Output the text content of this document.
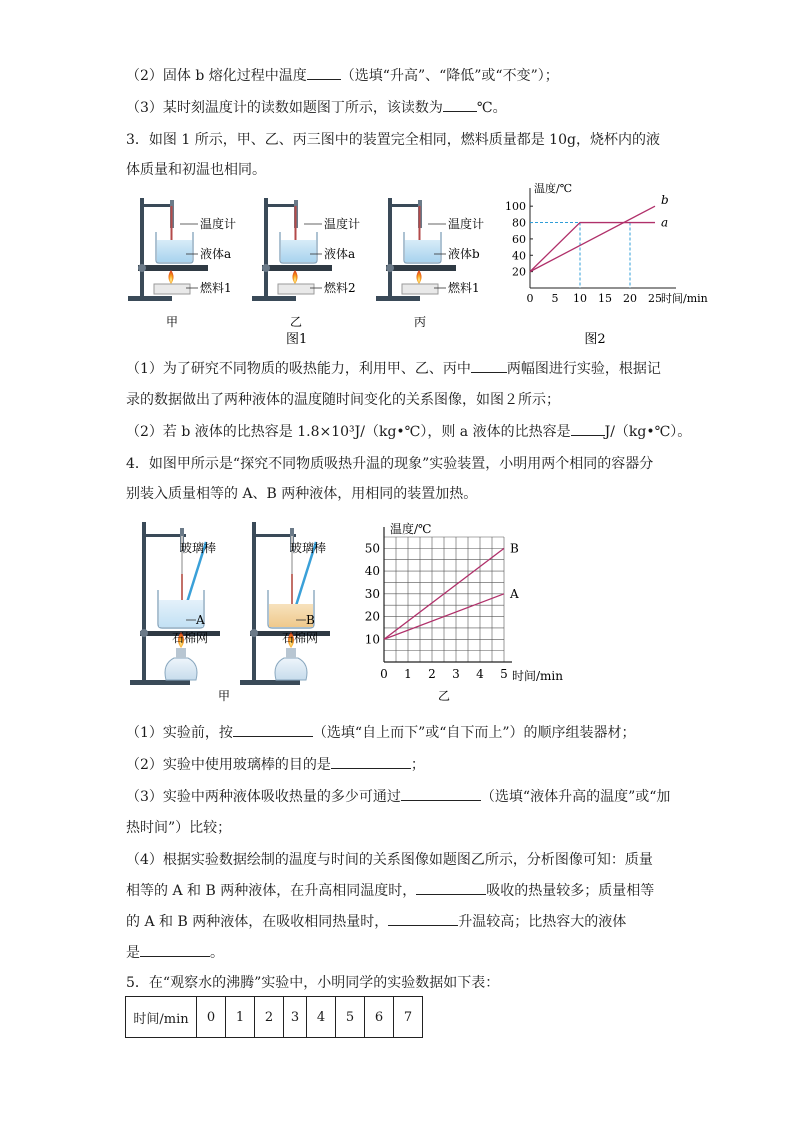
（2）固体 b 熔化过程中温度 （选填“升高”、“降低”或“不变”）；
（3）某时刻温度计的读数如题图丁所示，该读数为 ℃。
3．如图 1 所示，甲、乙、丙三图中的装置完全相同，燃料质量都是 10g，烧杯内的液
体质量和初温也相同。
温度计
液体a
燃料1
甲
温度计
液体a
燃料2
乙
温度计
液体b
燃料1
丙
图1
温度/℃
时间/min
0 5 10 15 20 25
20
40
60
80
100
a
b
图2
（1）为了研究不同物质的吸热能力，利用甲、乙、丙中	两幅图进行实验，根据记
录的数据做出了两种液体的温度随时间变化的关系图像，如图２所示；
（2）若 b 液体的比热容是 1.8×10³J/（kg•℃），则 a 液体的比热容是 J/（kg•℃）。
4．如图甲所示是“探究不同物质吸热升温的现象”实验装置，小明用两个相同的容器分
别装入质量相等的 A、B 两种液体，用相同的装置加热。
玻璃棒
A
石棉网
玻璃棒
B
石棉网
甲
温度/℃
时间/min
0 1 2 3 4 5
10
20
30
40
50	B
A
乙
（1）实验前，按	（选填“自上而下”或“自下而上”）的顺序组装器材；
（2）实验中使用玻璃棒的目的是	；
（3）实验中两种液体吸收热量的多少可通过	（选填“液体升高的温度”或“加
热时间”）比较；
（4）根据实验数据绘制的温度与时间的关系图像如题图乙所示，分析图像可知：质量
相等的 A 和 B 两种液体，在升高相同温度时，	吸收的热量较多；质量相等
的 A 和 B 两种液体，在吸收相同热量时，	升温较高；比热容大的液体
是	。
5．在“观察水的沸腾”实验中，小明同学的实验数据如下表：
时间/min	0	1	2	3	4	5	6	7
